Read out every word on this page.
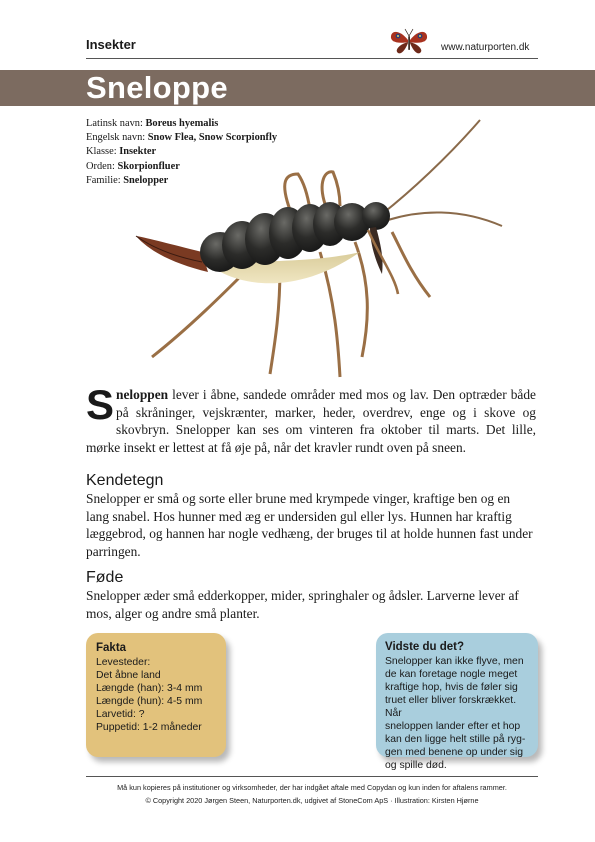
Insekter	www.naturporten.dk
Sneloppe
Latinsk navn: Boreus hyemalis
Engelsk navn: Snow Flea, Snow Scorpionfly
Klasse: Insekter
Orden: Skorpionfluer
Familie: Snelopper
Sneloppen lever i åbne, sandede områder med mos og lav. Den optræder både på skråninger, vejskrænter, marker, heder, overdrev, enge og i skove og skovbryn. Snelopper kan ses om vinteren fra oktober til marts. Det lille, mørke insekt er lettest at få øje på, når det kravler rundt oven på sneen.
Kendetegn
Snelopper er små og sorte eller brune med krympede vinger, kraftige ben og en lang snabel. Hos hunner med æg er undersiden gul eller lys. Hunnen har kraftig læggebrod, og hannen har nogle vedhæng, der bruges til at holde hunnen fast under parringen.
Føde
Snelopper æder små edderkopper, mider, springhaler og ådsler. Larverne lever af mos, alger og andre små planter.
Fakta
Levesteder:
Det åbne land
Længde (han): 3-4 mm
Længde (hun): 4-5 mm
Larvetid: ?
Puppetid: 1-2 måneder
Vidste du det?
Snelopper kan ikke flyve, men
de kan foretage nogle meget
kraftige hop, hvis de føler sig
truet eller bliver forskrækket. Når
sneloppen lander efter et hop
kan den ligge helt stille på ryg-
gen med benene op under sig
og spille død.
Må kun kopieres på institutioner og virksomheder, der har indgået aftale med Copydan og kun inden for aftalens rammer.
© Copyright 2020 Jørgen Steen, Naturporten.dk, udgivet af StoneCom ApS · Illustration: Kirsten Hjørne
